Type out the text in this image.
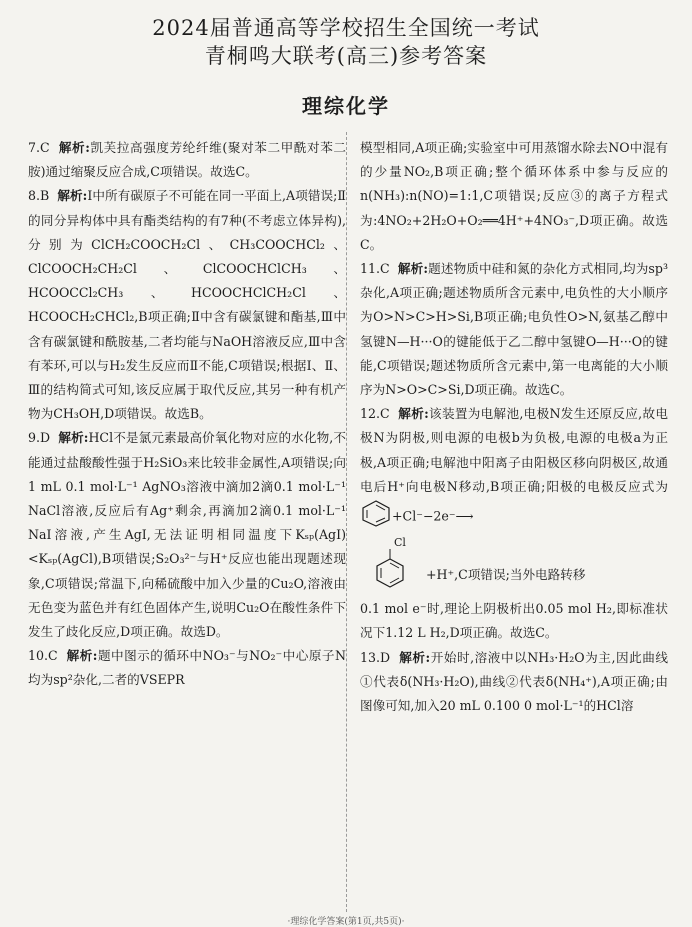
2024届普通高等学校招生全国统一考试
青桐鸣大联考(高三)参考答案
理综化学

7.C 解析:凯芙拉高强度芳纶纤维(聚对苯二甲酰对苯二胺)通过缩聚反应合成,C项错误。故选C。

8.B 解析:Ⅰ中所有碳原子不可能在同一平面上,A项错误;Ⅱ的同分异构体中具有酯类结构的有7种(不考虑立体异构),分别为ClCH₂COOCH₂Cl、CH₃COOCHCl₂、ClCOOCH₂CH₂Cl、ClCOOCHClCH₃、HCOOCCl₂CH₃、HCOOCHClCH₂Cl、HCOOCH₂CHCl₂,B项正确;Ⅱ中含有碳氯键和酯基,Ⅲ中含有碳氯键和酰胺基,二者均能与NaOH溶液反应,Ⅲ中含有苯环,可以与H₂发生反应而Ⅱ不能,C项错误;根据Ⅰ、Ⅱ、Ⅲ的结构简式可知,该反应属于取代反应,其另一种有机产物为CH₃OH,D项错误。故选B。

9.D 解析:HCl不是氯元素最高价氧化物对应的水化物,不能通过盐酸酸性强于H₂SiO₃来比较非金属性,A项错误;向1 mL 0.1 mol·L⁻¹ AgNO₃溶液中滴加2滴0.1 mol·L⁻¹ NaCl溶液,反应后有Ag⁺剩余,再滴加2滴0.1 mol·L⁻¹ NaI溶液,产生AgI,无法证明相同温度下Kₛₚ(AgI)<Kₛₚ(AgCl),B项错误;S₂O₃²⁻与H⁺反应也能出现题述现象,C项错误;常温下,向稀硫酸中加入少量的Cu₂O,溶液由无色变为蓝色并有红色固体产生,说明Cu₂O在酸性条件下发生了歧化反应,D项正确。故选D。

10.C 解析:题中图示的循环中NO₃⁻与NO₂⁻中心原子N均为sp²杂化,二者的VSEPR

模型相同,A项正确;实验室中可用蒸馏水除去NO中混有的少量NO₂,B项正确;整个循环体系中参与反应的n(NH₃):n(NO)=1:1,C项错误;反应③的离子方程式为:4NO₂+2H₂O+O₂══4H⁺+4NO₃⁻,D项正确。故选C。

11.C 解析:题述物质中硅和氮的杂化方式相同,均为sp³杂化,A项正确;题述物质所含元素中,电负性的大小顺序为O>N>C>H>Si,B项正确;电负性O>N,氨基乙醇中氢键N—H···O的键能低于乙二醇中氢键O—H···O的键能,C项错误;题述物质所含元素中,第一电离能的大小顺序为N>O>C>Si,D项正确。故选C。

12.C 解析:该装置为电解池,电极N发生还原反应,故电极N为阴极,则电源的电极b为负极,电源的电极a为正极,A项正确;电解池中阳离子由阳极区移向阴极区,故通电后H⁺向电极N移动,B项正确;阳极的电极反应式为 +Cl⁻−2e⁻⟶

Cl
+H⁺,C项错误;当外电路转移

0.1 mol e⁻时,理论上阴极析出0.05 mol H₂,即标准状况下1.12 L H₂,D项正确。故选C。

13.D 解析:开始时,溶液中以NH₃·H₂O为主,因此曲线①代表δ(NH₃·H₂O),曲线②代表δ(NH₄⁺),A项正确;由图像可知,加入20 mL 0.100 0 mol·L⁻¹的HCl溶

·理综化学答案(第1页,共5页)·
